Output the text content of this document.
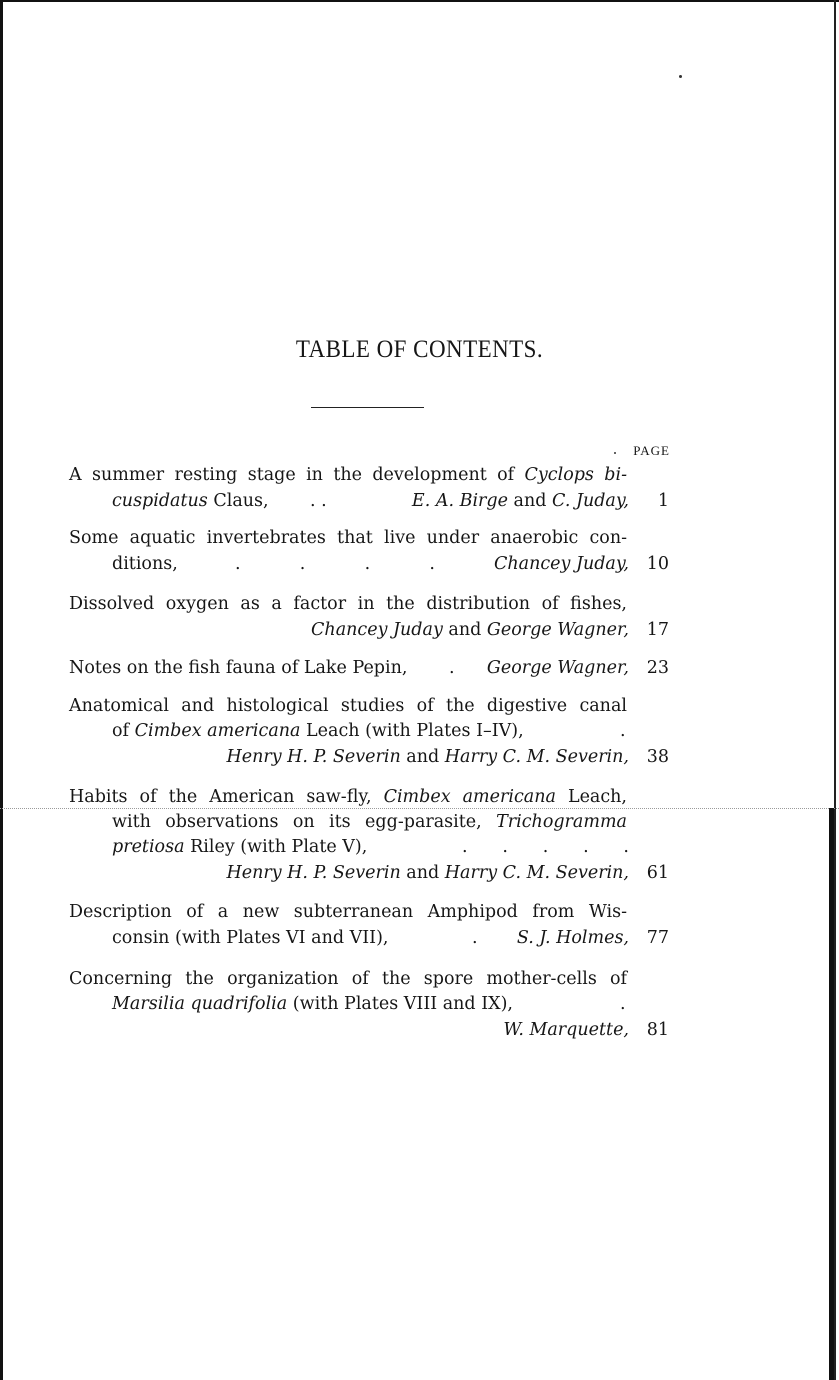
TABLE OF CONTENTS.
PAGE
A summer resting stage in the development of Cyclops bi-
cuspidatus Claus, . .	E. A. Birge and C. Juday,	1
Some aquatic invertebrates that live under anaerobic con-
ditions,	. . . .	Chancey Juday,	10
Dissolved oxygen as a factor in the distribution of fishes,
Chancey Juday and George Wagner,	17
Notes on the fish fauna of Lake Pepin, . George Wagner,	23
Anatomical and histological studies of the digestive canal
of Cimbex americana Leach (with Plates I–IV),	.
Henry H. P. Severin and Harry C. M. Severin,	38
Habits of the American saw-fly, Cimbex americana Leach,
with observations on its egg-parasite, Trichogramma
pretiosa Riley (with Plate V),	. . . . .
Henry H. P. Severin and Harry C. M. Severin,	61
Description of a new subterranean Amphipod from Wis-
consin (with Plates VI and VII),	. S. J. Holmes,	77
Concerning the organization of the spore mother-cells of
Marsilia quadrifolia (with Plates VIII and IX),	.
W. Marquette,	81
